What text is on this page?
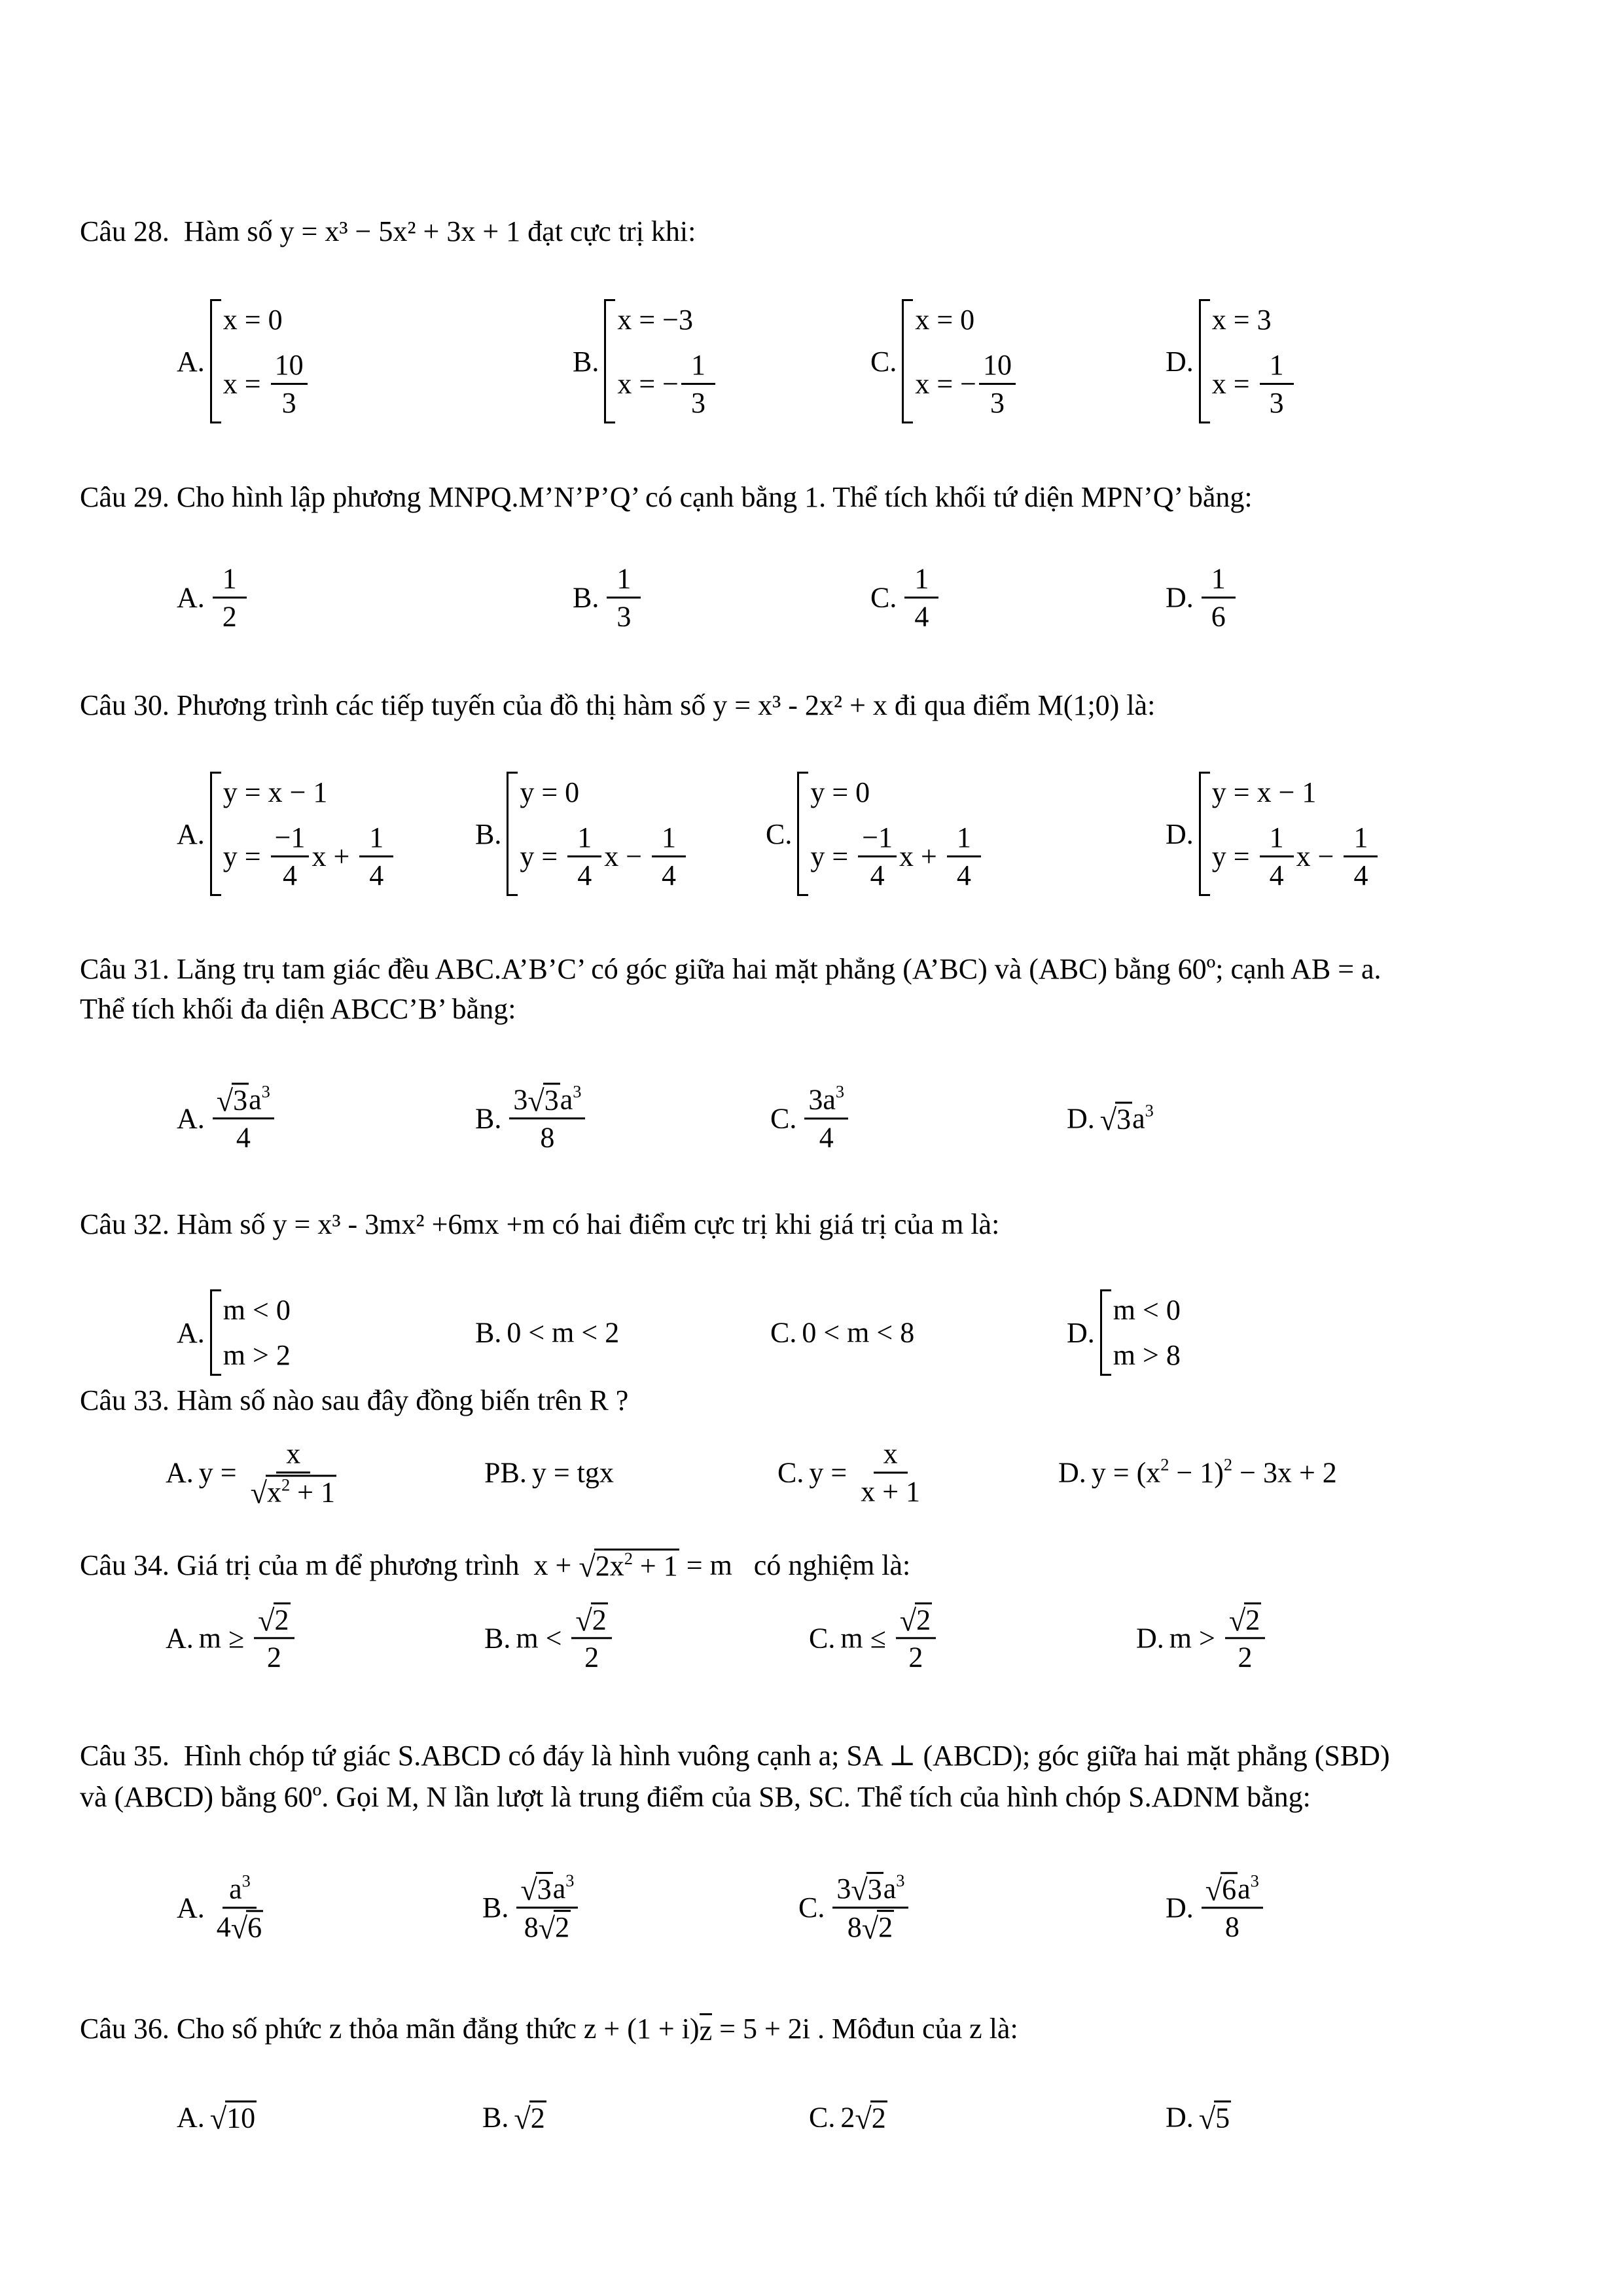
Câu 28.  Hàm số y = x³ − 5x² + 3x + 1 đạt cực trị khi:
A.
x = 0
$x = \frac{10}{3}$	B.
x = −3
x = − $\frac{1}{3}$	C.
x = 0
x = − $\frac{10}{3}$	D.
x = 3
$x = \frac{1}{3}$
Câu 29. Cho hình lập phương MNPQ.M’N’P’Q’ có cạnh bằng 1. Thể tích khối tứ diện MPN’Q’ bằng:
A. $\frac{1}{2}$	B. $\frac{1}{3}$	C. $\frac{1}{4}$	D. $\frac{1}{6}$
Câu 30. Phương trình các tiếp tuyến của đồ thị hàm số y = x³ - 2x² + x đi qua điểm M(1;0) là:
A.
y = x − 1
$y = \frac{-1}{4}$ $x + \frac{1}{4}$	B.
y = 0
$y = \frac{1}{4}$ $x - \frac{1}{4}$	C.
y = 0
$y = \frac{-1}{4}$ $x + \frac{1}{4}$	D.
y = x − 1
$y = \frac{1}{4}$ $x - \frac{1}{4}$
Câu 31. Lăng trụ tam giác đều ABC.A’B’C’ có góc giữa hai mặt phẳng (A’BC) và (ABC) bằng 60º; cạnh AB = a.
Thể tích khối đa diện ABCC’B’ bằng:
A. $\frac{√ 3 a 3}{4}$	B. $\frac{3 √ 3 a 3}{8}$	C. $\frac{3a 3}{4}$	D. √ 3 a 3
Câu 32. Hàm số y = x³ - 3mx² +6mx +m có hai điểm cực trị khi giá trị của m là:
A.
m < 0
m > 2
B. 0 < m < 2	C. 0 < m < 8	D.
m < 0
m > 8
Câu 33. Hàm số nào sau đây đồng biến trên R ?
A. $y = \frac{x}{√ x 2 + 1}$	PB. y = tgx	C. $y = \frac{x}{x + 1}$	D. y = (x 2 − 1) 2 − 3x + 2
Câu 34. Giá trị của m để phương trình  x + √ 2x 2 + 1 = m   có nghiệm là:
A. $m \ge \frac{√ 2}{2}$	B. $m < \frac{√ 2}{2}$	C. $m \le \frac{√ 2}{2}$	D. $m > \frac{√ 2}{2}$
Câu 35.  Hình chóp tứ giác S.ABCD có đáy là hình vuông cạnh a; SA ⊥ (ABCD); góc giữa hai mặt phẳng (SBD)
và (ABCD) bằng 60º. Gọi M, N lần lượt là trung điểm của SB, SC. Thể tích của hình chóp S.ADNM bằng:
A. $\frac{a 3}{4 √ 6}$	B. $\frac{√ 3 a 3}{8 √ 2}$	C. $\frac{3 √ 3 a 3}{8 √ 2}$	D. $\frac{√ 6 a 3}{8}$
Câu 36. Cho số phức z thỏa mãn đẳng thức z + (1 + i) z = 5 + 2i . Môđun của z là:
A. √ 10	B. √ 2	C. 2 √ 2	D. √ 5
